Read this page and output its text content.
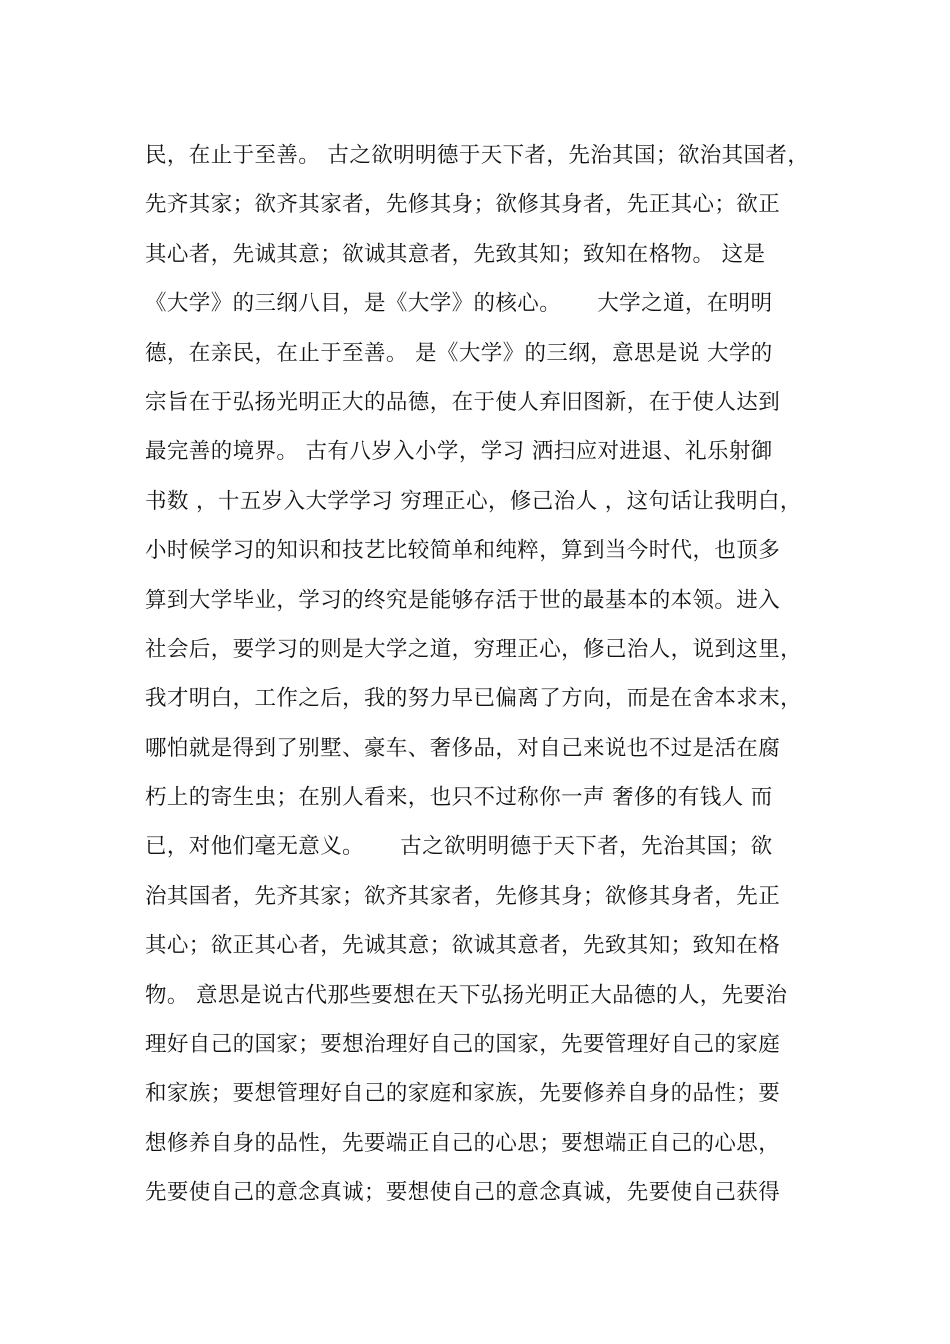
民，在止于至善。 古之欲明明德于天下者，先治其国；欲治其国者，
先齐其家；欲齐其家者，先修其身；欲修其身者，先正其心；欲正
其心者，先诚其意；欲诚其意者，先致其知；致知在格物。 这是
《大学》的三纲八目，是《大学》的核心。     大学之道，在明明
德，在亲民，在止于至善。 是《大学》的三纲，意思是说 大学的
宗旨在于弘扬光明正大的品德，在于使人弃旧图新，在于使人达到
最完善的境界。 古有八岁入小学，学习 洒扫应对进退、礼乐射御
书数 ，十五岁入大学学习 穷理正心，修己治人 ，这句话让我明白，
小时候学习的知识和技艺比较简单和纯粹，算到当今时代，也顶多
算到大学毕业，学习的终究是能够存活于世的最基本的本领。进入
社会后，要学习的则是大学之道，穷理正心，修己治人，说到这里，
我才明白，工作之后，我的努力早已偏离了方向，而是在舍本求末，
哪怕就是得到了别墅、豪车、奢侈品，对自己来说也不过是活在腐
朽上的寄生虫；在别人看来，也只不过称你一声 奢侈的有钱人 而
已，对他们毫无意义。     古之欲明明德于天下者，先治其国；欲
治其国者，先齐其家；欲齐其家者，先修其身；欲修其身者，先正
其心；欲正其心者，先诚其意；欲诚其意者，先致其知；致知在格
物。 意思是说古代那些要想在天下弘扬光明正大品德的人，先要治
理好自己的国家；要想治理好自己的国家，先要管理好自己的家庭
和家族；要想管理好自己的家庭和家族，先要修养自身的品性；要
想修养自身的品性，先要端正自己的心思；要想端正自己的心思，
先要使自己的意念真诚；要想使自己的意念真诚，先要使自己获得
